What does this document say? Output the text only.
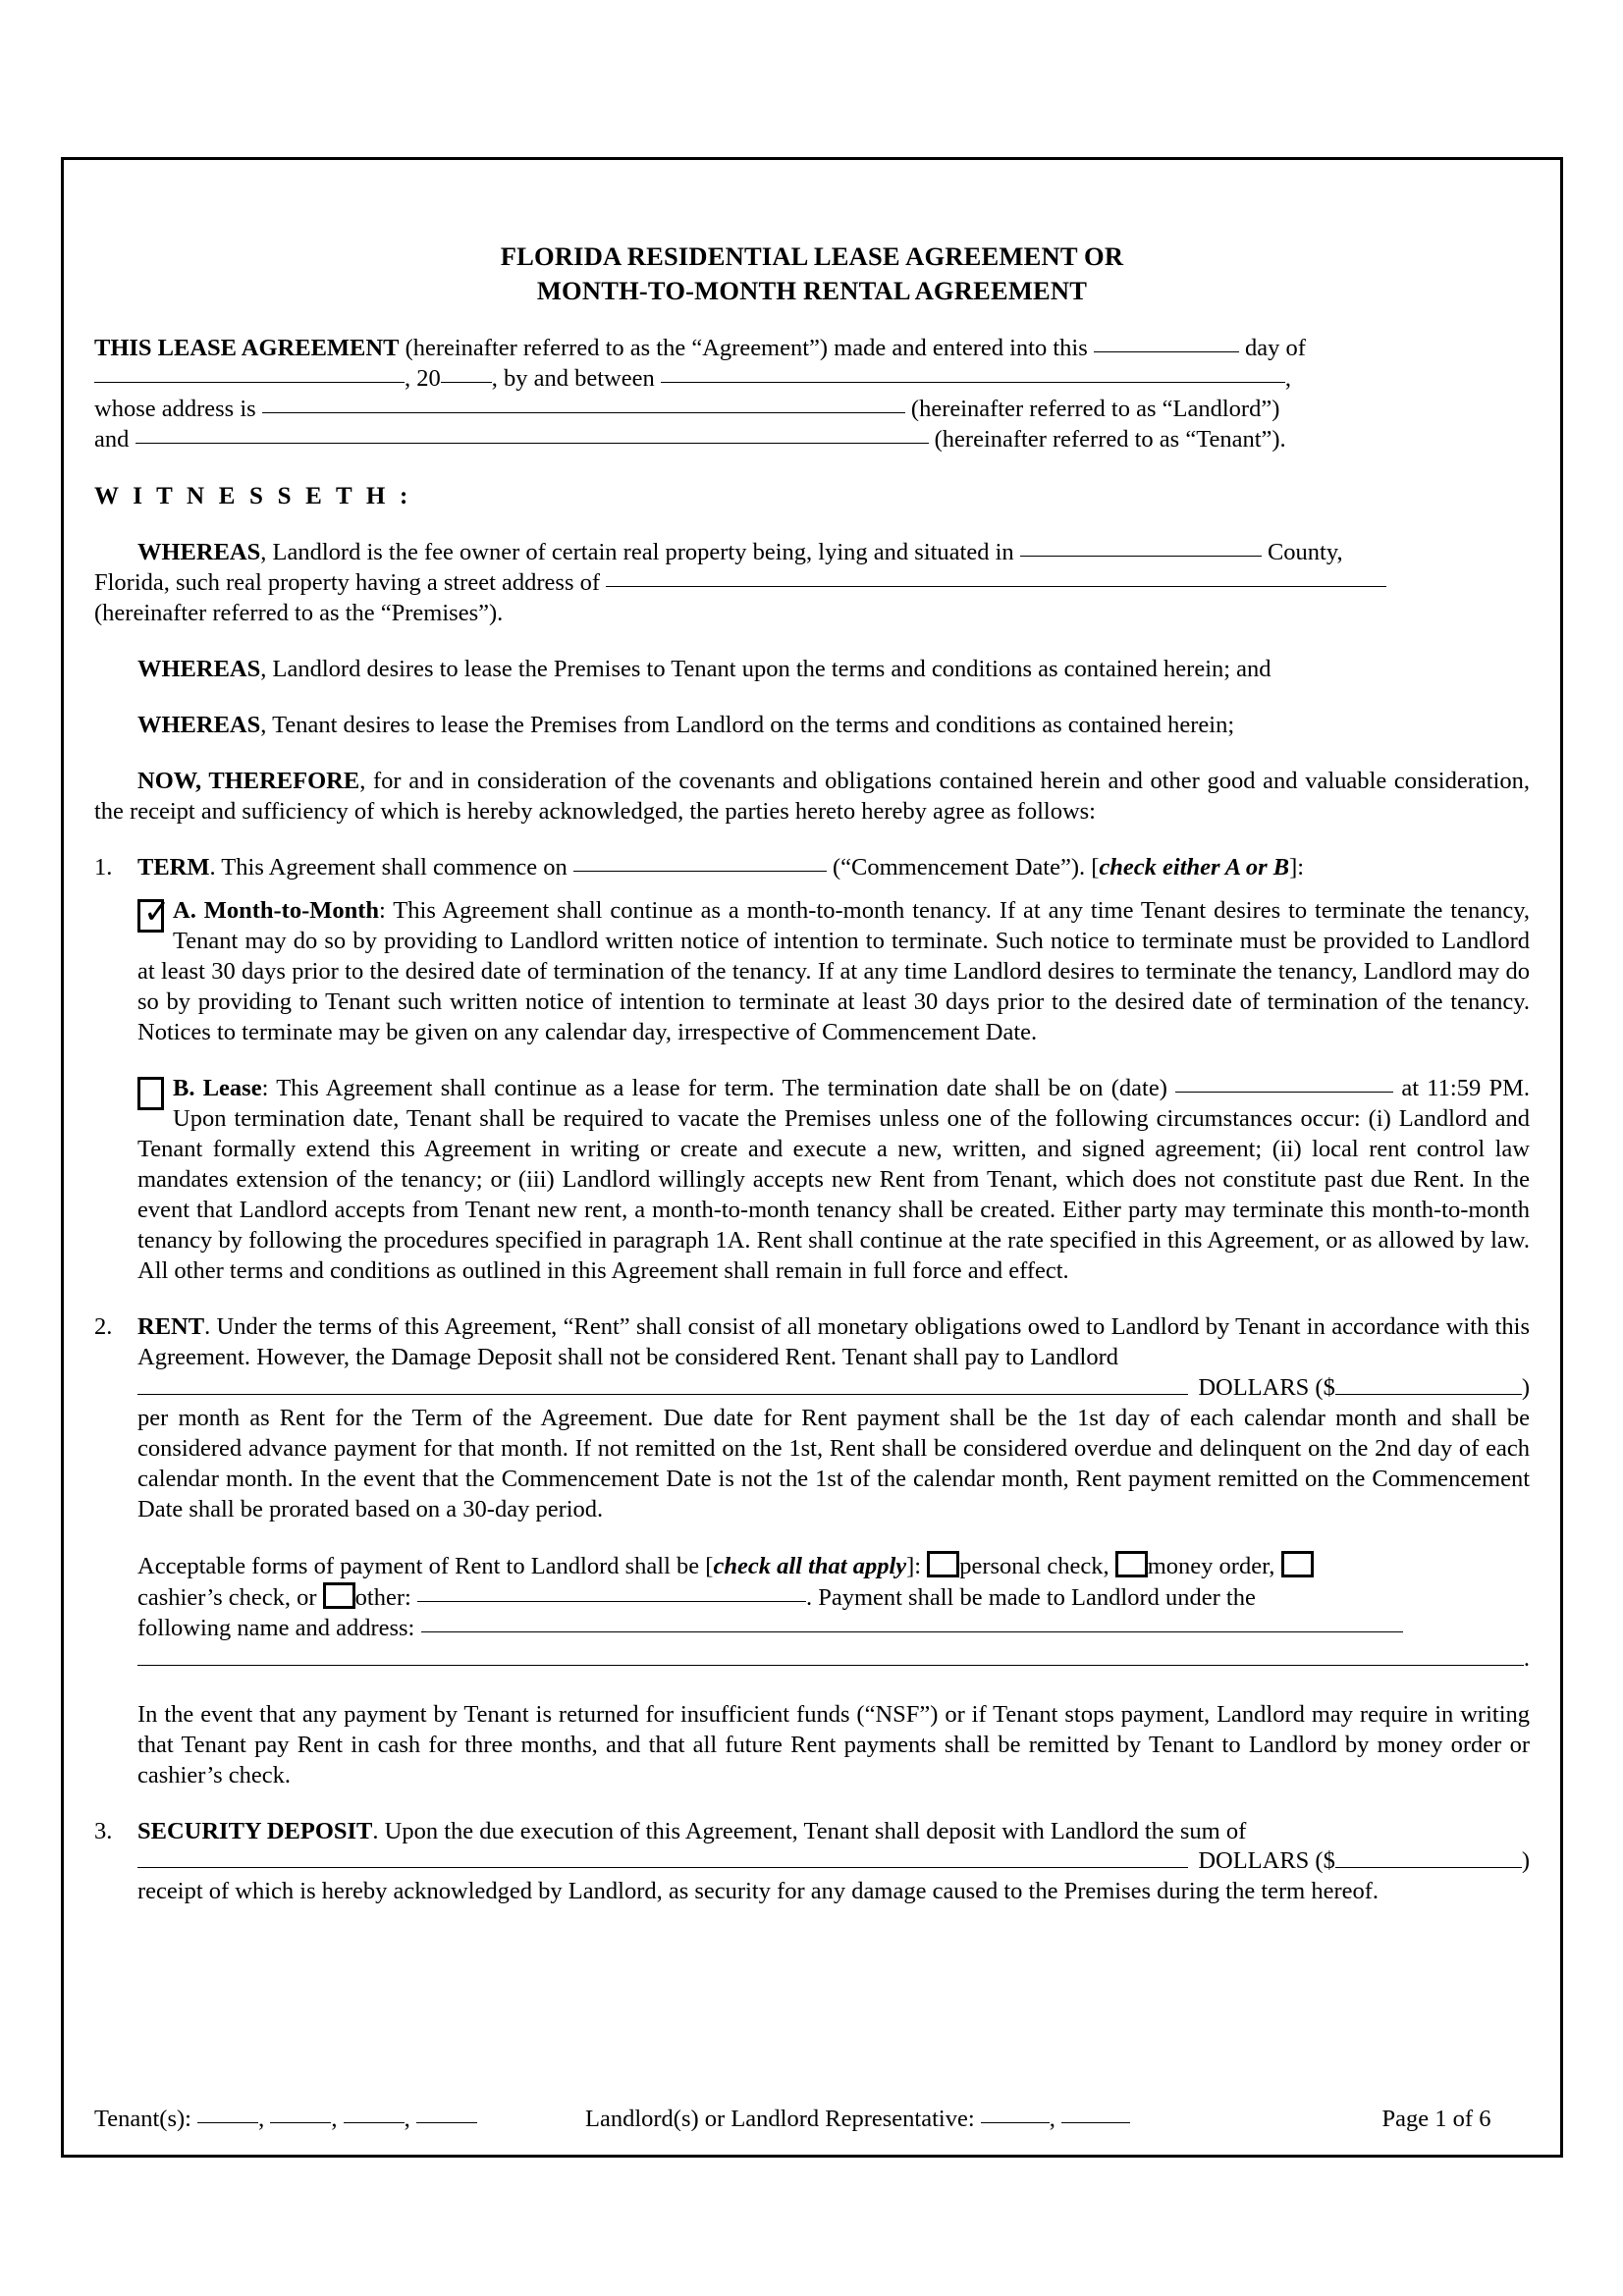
FLORIDA RESIDENTIAL LEASE AGREEMENT OR
MONTH-TO-MONTH RENTAL AGREEMENT

THIS LEASE AGREEMENT (hereinafter referred to as the “Agreement”) made and entered into this	day of

, 20 , by and between	,

whose address is	(hereinafter referred to as “Landlord”)

and	(hereinafter referred to as “Tenant”).

W I T N E S S E T H :

WHEREAS, Landlord is the fee owner of certain real property being, lying and situated in	County,

Florida, such real property having a street address of

(hereinafter referred to as the “Premises”).

WHEREAS, Landlord desires to lease the Premises to Tenant upon the terms and conditions as contained herein; and

WHEREAS, Tenant desires to lease the Premises from Landlord on the terms and conditions as contained herein;

NOW, THEREFORE, for and in consideration of the covenants and obligations contained herein and other good and valuable consideration, the receipt and sufficiency of which is hereby acknowledged, the parties hereto hereby agree as follows:

1.	TERM. This Agreement shall commence on	(“Commencement Date”). [check either A or B]:
✓ A. Month-to-Month: This Agreement shall continue as a month-to-month tenancy. If at any time Tenant desires to terminate the tenancy, Tenant may do so by providing to Landlord written notice of intention to terminate. Such notice to terminate must be provided to Landlord at least 30 days prior to the desired date of termination of the tenancy. If at any time Landlord desires to terminate the tenancy, Landlord may do so by providing to Tenant such written notice of intention to terminate at least 30 days prior to the desired date of termination of the tenancy. Notices to terminate may be given on any calendar day, irrespective of Commencement Date.
B. Lease: This Agreement shall continue as a lease for term. The termination date shall be on (date)	at 11:59 PM. Upon termination date, Tenant shall be required to vacate the Premises unless one of the following circumstances occur: (i) Landlord and Tenant formally extend this Agreement in writing or create and execute a new, written, and signed agreement; (ii) local rent control law mandates extension of the tenancy; or (iii) Landlord willingly accepts new Rent from Tenant, which does not constitute past due Rent. In the event that Landlord accepts from Tenant new rent, a month-to-month tenancy shall be created. Either party may terminate this month-to-month tenancy by following the procedures specified in paragraph 1A. Rent shall continue at the rate specified in this Agreement, or as allowed by law. All other terms and conditions as outlined in this Agreement shall remain in full force and effect.
2.	RENT. Under the terms of this Agreement, “Rent” shall consist of all monetary obligations owed to Landlord by Tenant in accordance with this Agreement. However, the Damage Deposit shall not be considered Rent. Tenant shall pay to Landlord
DOLLARS ($	)
per month as Rent for the Term of the Agreement. Due date for Rent payment shall be the 1st day of each calendar month and shall be considered advance payment for that month. If not remitted on the 1st, Rent shall be considered overdue and delinquent on the 2nd day of each calendar month. In the event that the Commencement Date is not the 1st of the calendar month, Rent payment remitted on the Commencement Date shall be prorated based on a 30-day period.
Acceptable forms of payment of Rent to Landlord shall be [check all that apply]: personal check, money order,
cashier’s check, or other:	. Payment shall be made to Landlord under the
following name and address:
.
In the event that any payment by Tenant is returned for insufficient funds (“NSF”) or if Tenant stops payment, Landlord may require in writing that Tenant pay Rent in cash for three months, and that all future Rent payments shall be remitted by Tenant to Landlord by money order or cashier’s check.
3.	SECURITY DEPOSIT. Upon the due execution of this Agreement, Tenant shall deposit with Landlord the sum of
DOLLARS ($	)
receipt of which is hereby acknowledged by Landlord, as security for any damage caused to the Premises during the term hereof.
Tenant(s):	,	,	,	Landlord(s) or Landlord Representative:	,	Page 1 of 6
